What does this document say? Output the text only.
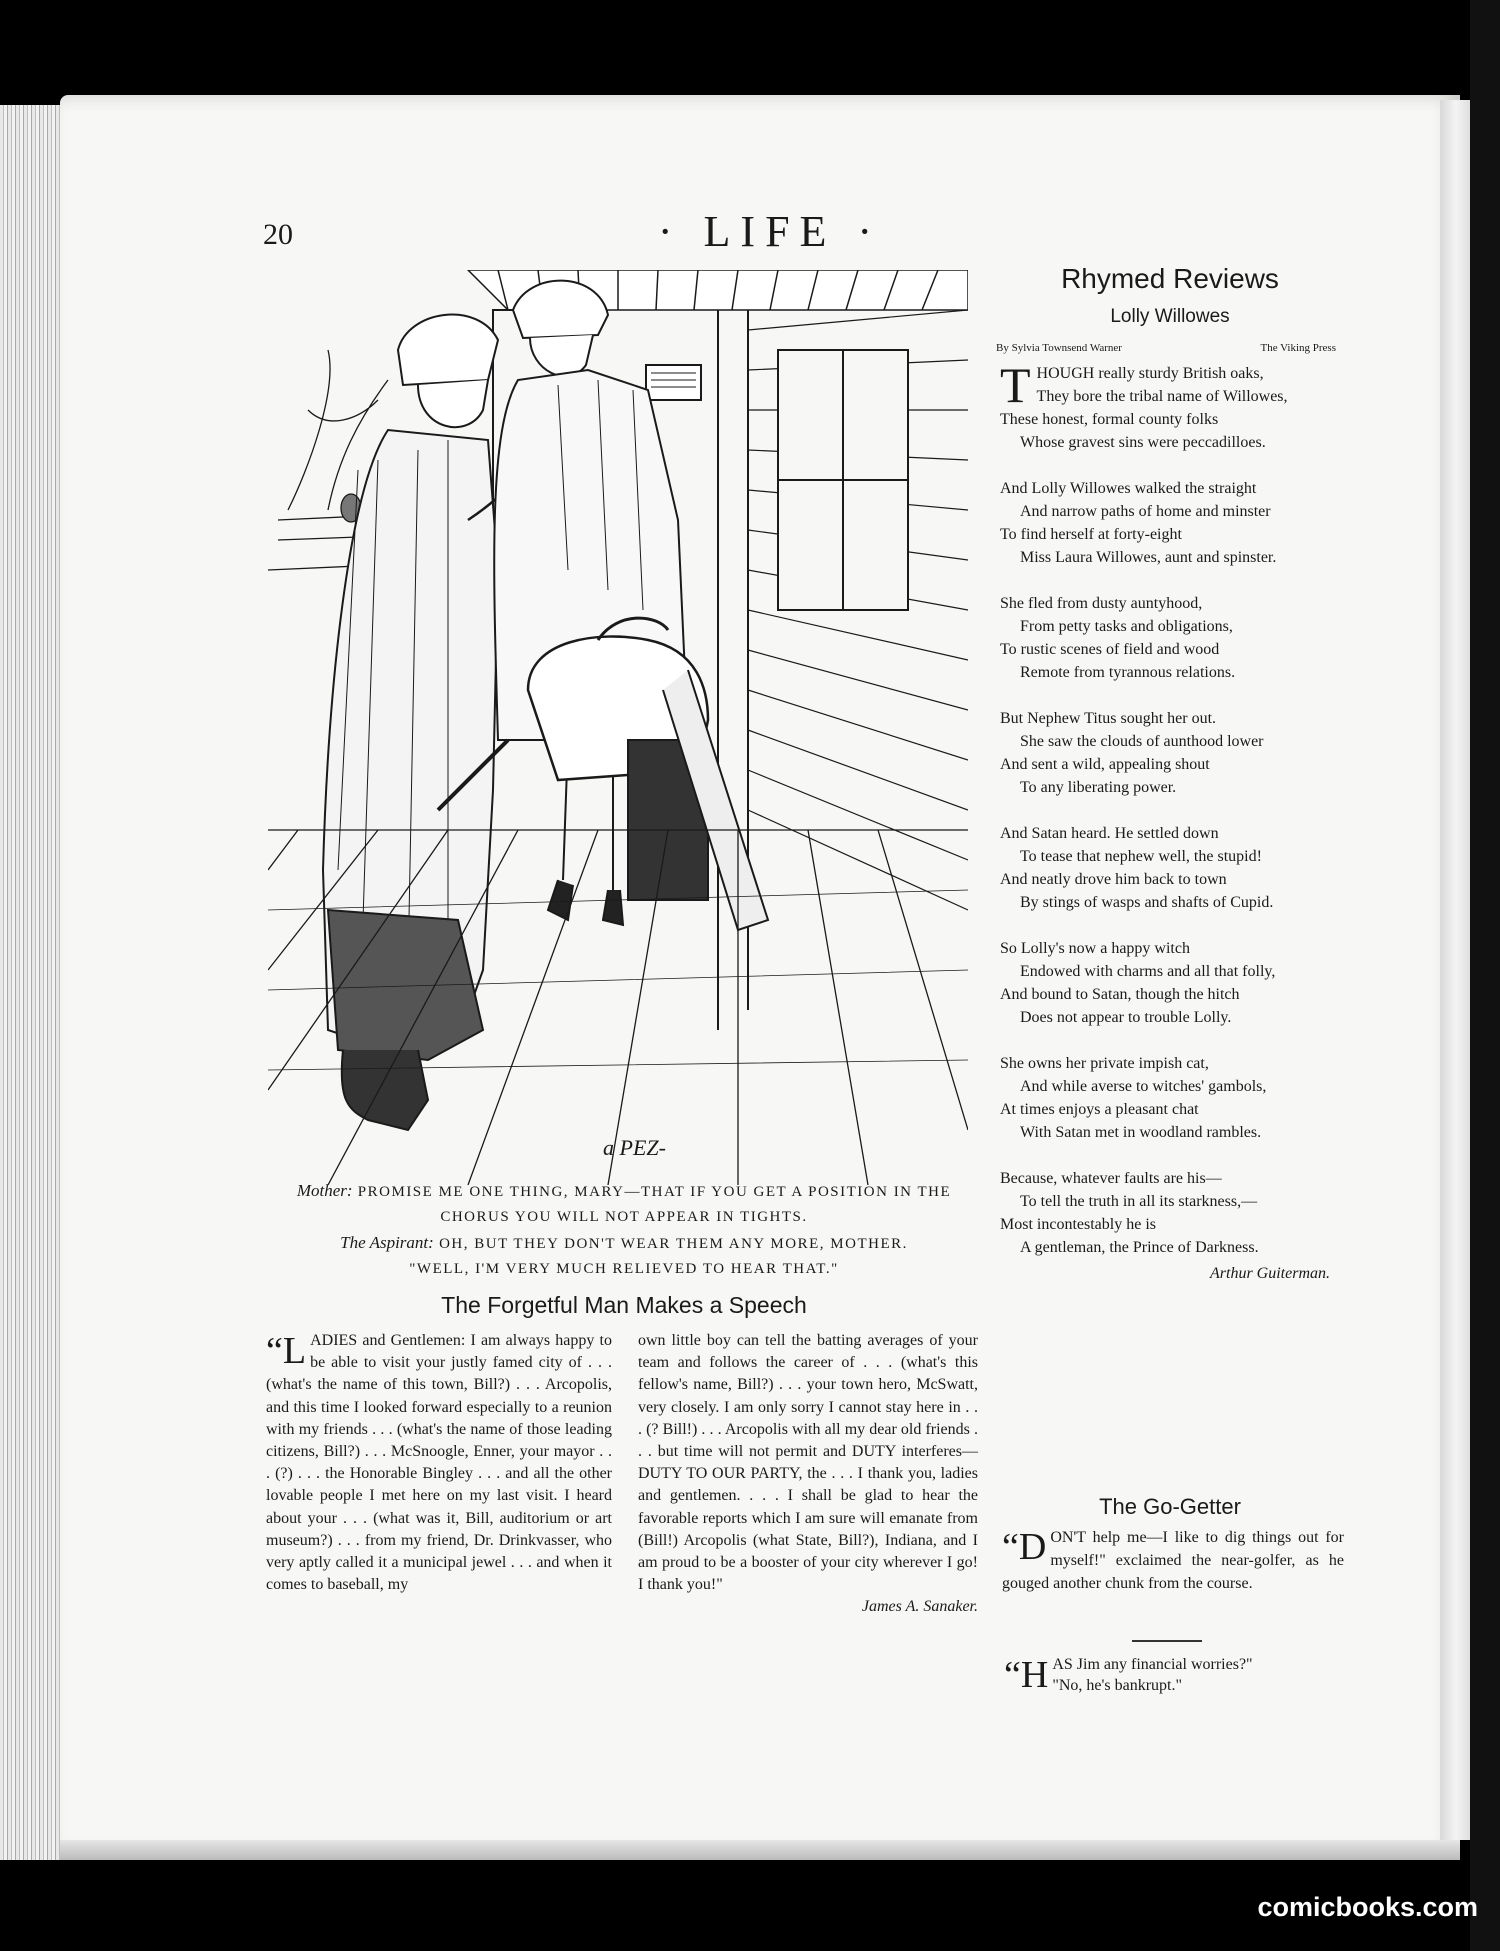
20	· LIFE ·
a PEZ-
Mother: PROMISE ME ONE THING, MARY—THAT IF YOU GET A POSITION IN THE
CHORUS YOU WILL NOT APPEAR IN TIGHTS.
The Aspirant: OH, BUT THEY DON'T WEAR THEM ANY MORE, MOTHER.
"WELL, I'M VERY MUCH RELIEVED TO HEAR THAT."
The Forgetful Man Makes a Speech
“L ADIES and Gentlemen: I am always happy to be able to visit your justly famed city of . . . (what's the name of this town, Bill?) . . . Arcopolis, and this time I looked forward especially to a reunion with my friends . . . (what's the name of those leading citizens, Bill?) . . . McSnoogle, Enner, your mayor . . . (?) . . . the Honorable Bingley . . . and all the other lovable people I met here on my last visit. I heard about your . . . (what was it, Bill, auditorium or art museum?) . . . from my friend, Dr. Drinkvasser, who very aptly called it a municipal jewel . . . and when it comes to baseball, my
own little boy can tell the batting averages of your team and follows the career of . . . (what's this fellow's name, Bill?) . . . your town hero, McSwatt, very closely. I am only sorry I cannot stay here in . . . (? Bill!) . . . Arcopolis with all my dear old friends . . . but time will not permit and DUTY interferes—DUTY TO OUR PARTY, the . . . I thank you, ladies and gentlemen. . . . I shall be glad to hear the favorable reports which I am sure will emanate from (Bill!) Arcopolis (what State, Bill?), Indiana, and I am proud to be a booster of your city wherever I go! I thank you!"
James A. Sanaker.
Rhymed Reviews
Lolly Willowes
By Sylvia Townsend Warner	The Viking Press
T HOUGH really sturdy British oaks,
They bore the tribal name of Willowes,
These honest, formal county folks
Whose gravest sins were peccadilloes.
And Lolly Willowes walked the straight
And narrow paths of home and minster
To find herself at forty-eight
Miss Laura Willowes, aunt and spinster.
She fled from dusty auntyhood,
From petty tasks and obligations,
To rustic scenes of field and wood
Remote from tyrannous relations.
But Nephew Titus sought her out.
She saw the clouds of aunthood lower
And sent a wild, appealing shout
To any liberating power.
And Satan heard. He settled down
To tease that nephew well, the stupid!
And neatly drove him back to town
By stings of wasps and shafts of Cupid.
So Lolly's now a happy witch
Endowed with charms and all that folly,
And bound to Satan, though the hitch
Does not appear to trouble Lolly.
She owns her private impish cat,
And while averse to witches' gambols,
At times enjoys a pleasant chat
With Satan met in woodland rambles.
Because, whatever faults are his—
To tell the truth in all its starkness,—
Most incontestably he is
A gentleman, the Prince of Darkness.
Arthur Guiterman.
The Go-Getter
“D ON'T help me—I like to dig things out for myself!" exclaimed the near-golfer, as he gouged another chunk from the course.
“H AS Jim any financial worries?"
"No, he's bankrupt."
comicbooks.com
